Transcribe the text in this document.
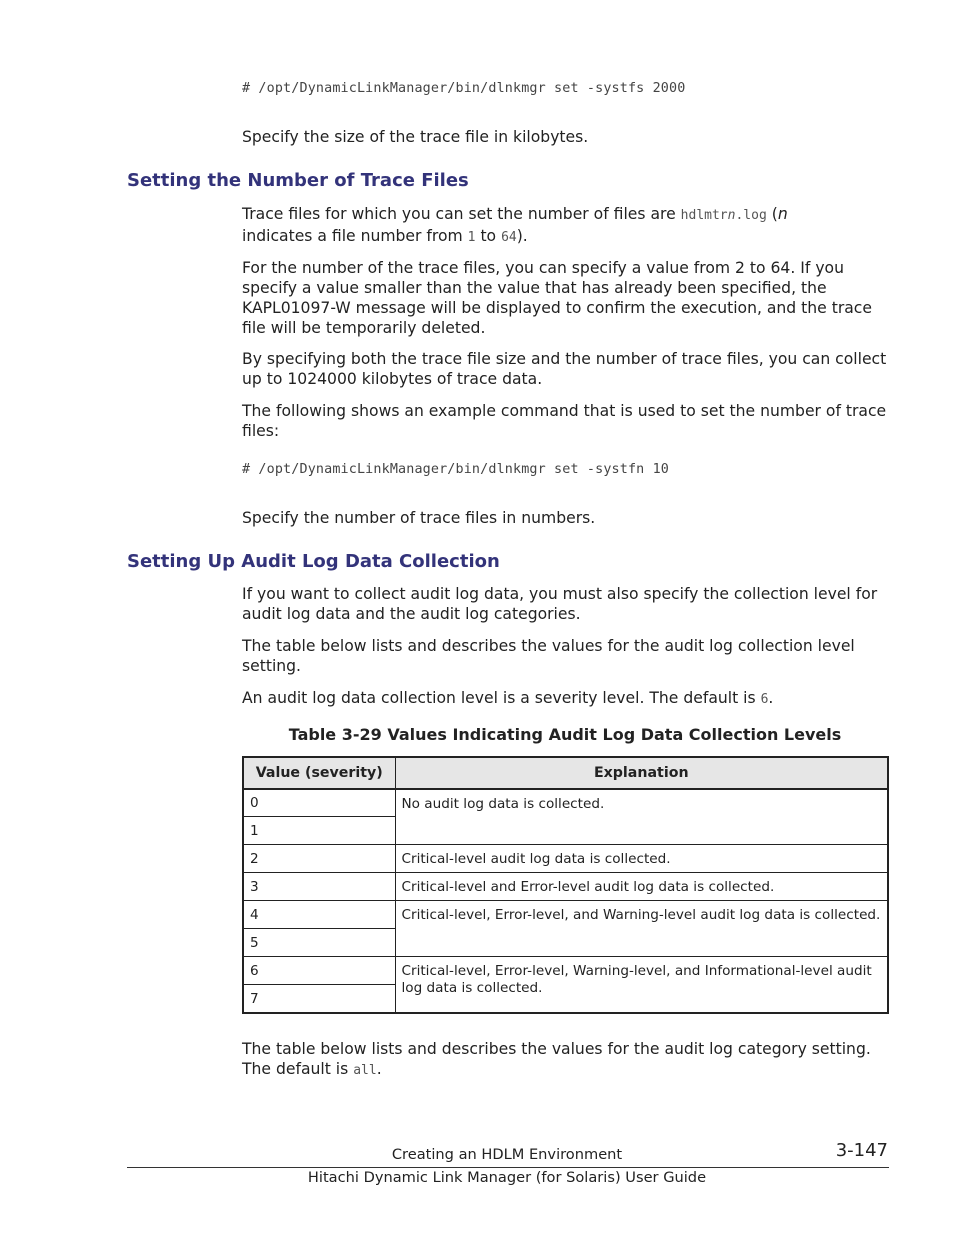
# /opt/DynamicLinkManager/bin/dlnkmgr set -systfs 2000
Specify the size of the trace file in kilobytes.
Setting the Number of Trace Files
Trace files for which you can set the number of files are hdlmtrn.log (n
indicates a file number from 1 to 64).
For the number of the trace files, you can specify a value from 2 to 64. If you specify a value smaller than the value that has already been specified, the KAPL01097-W message will be displayed to confirm the execution, and the trace file will be temporarily deleted.
By specifying both the trace file size and the number of trace files, you can collect up to 1024000 kilobytes of trace data.
The following shows an example command that is used to set the number of trace files:
# /opt/DynamicLinkManager/bin/dlnkmgr set -systfn 10
Specify the number of trace files in numbers.
Setting Up Audit Log Data Collection
If you want to collect audit log data, you must also specify the collection level for audit log data and the audit log categories.
The table below lists and describes the values for the audit log collection level setting.
An audit log data collection level is a severity level. The default is 6.
Table 3-29 Values Indicating Audit Log Data Collection Levels
Value (severity)	Explanation
0	No audit log data is collected.
1	
2	Critical-level audit log data is collected.
3	Critical-level and Error-level audit log data is collected.
4	Critical-level, Error-level, and Warning-level audit log data is collected.
5	
6	Critical-level, Error-level, Warning-level, and Informational-level audit log data is collected.
7	
The table below lists and describes the values for the audit log category setting. The default is all.
Creating an HDLM Environment	3-147
Hitachi Dynamic Link Manager (for Solaris) User Guide
